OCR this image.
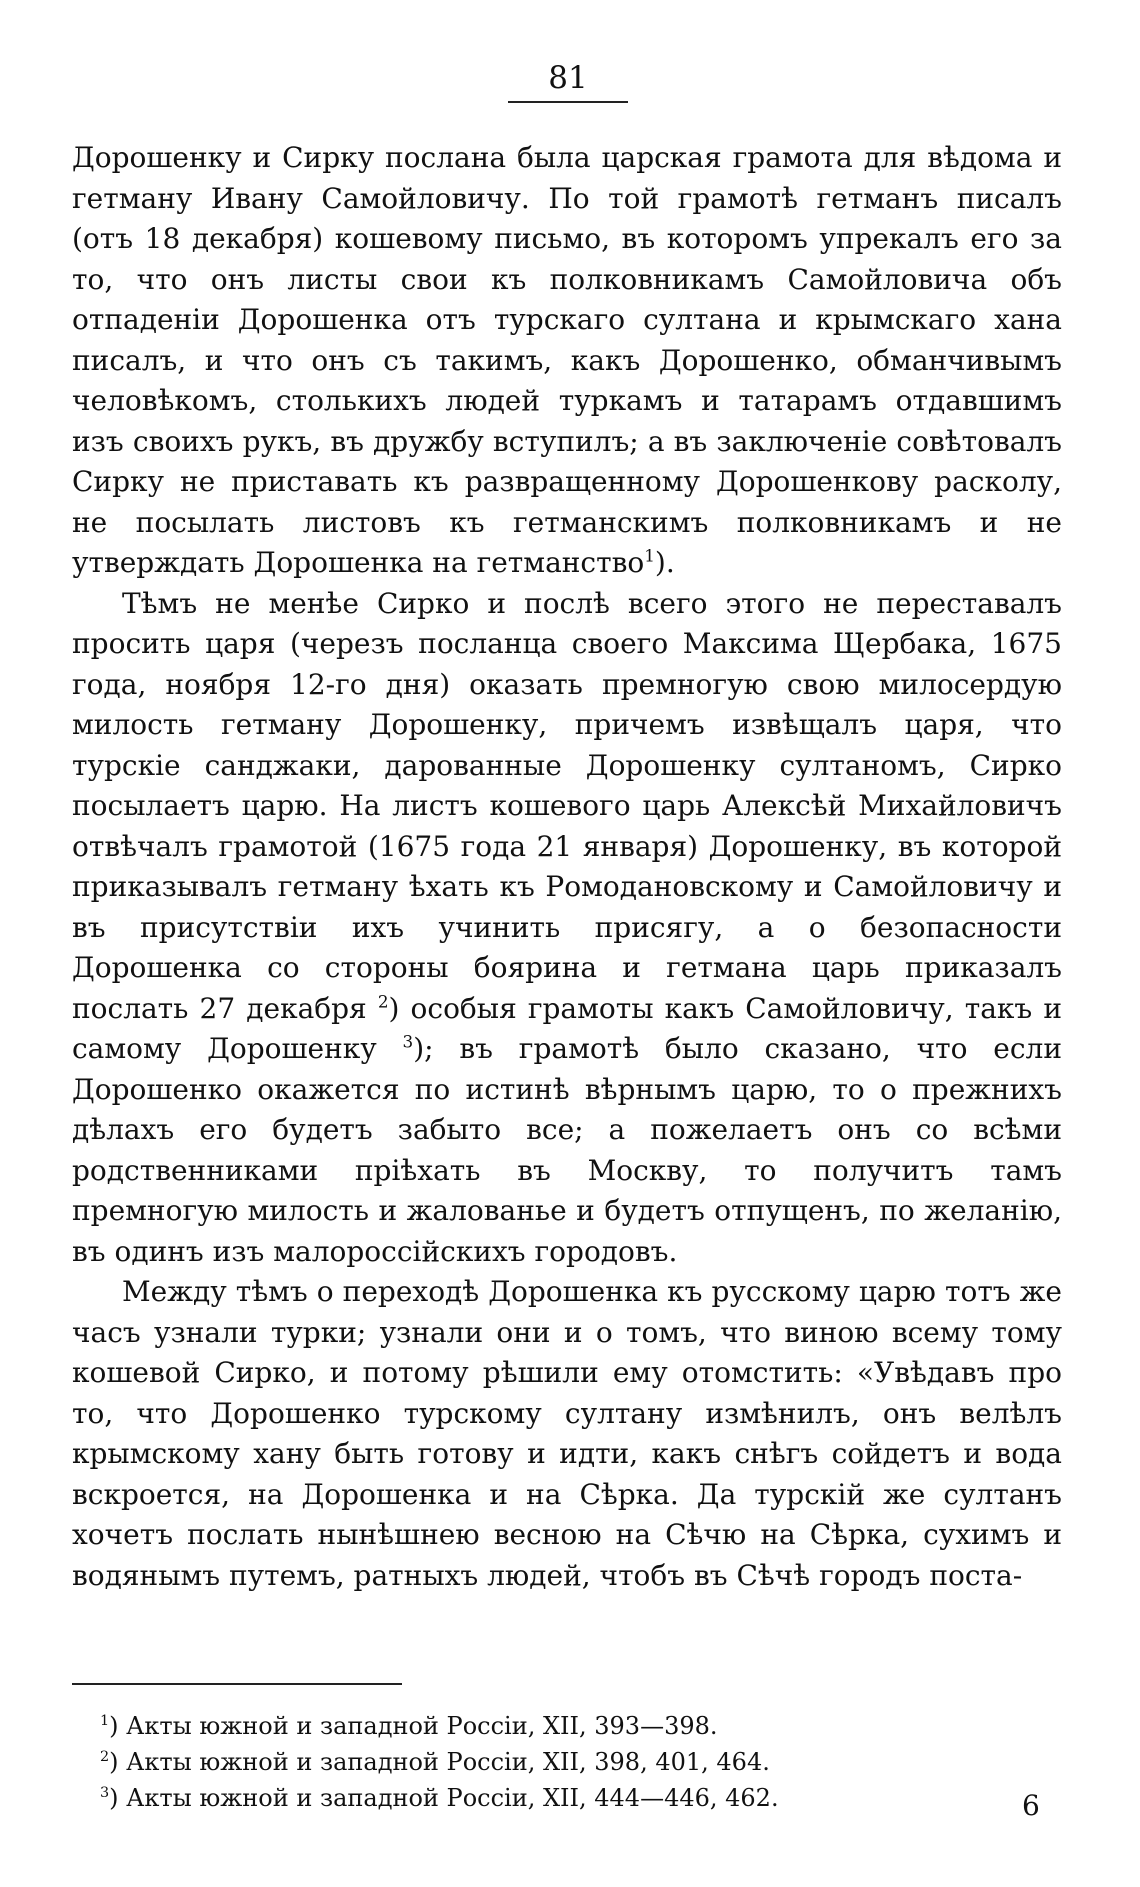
81

Дорошенку и Сирку послана была царская грамота для вѣдома и гетману Ивану Самойловичу. По той грамотѣ гетманъ писалъ (отъ 18 декабря) кошевому письмо, въ которомъ упрекалъ его за то, что онъ листы свои къ полковникамъ Самойловича объ отпаденіи Дорошенка отъ турскаго султана и крымскаго хана писалъ, и что онъ съ такимъ, какъ Дорошенко, обманчивымъ человѣкомъ, столькихъ людей туркамъ и татарамъ отдавшимъ изъ своихъ рукъ, въ дружбу вступилъ; а въ заключеніе совѣтовалъ Сирку не приставать къ развращенному Дорошенкову расколу, не посылать листовъ къ гетманскимъ полковникамъ и не утверждать Дорошенка на гетманство$^1$).

Тѣмъ не менѣе Сирко и послѣ всего этого не переставалъ просить царя (черезъ посланца своего Максима Щербака, 1675 года, ноября 12-го дня) оказать премногую свою милосердую милость гетману Дорошенку, причемъ извѣщалъ царя, что турскіе санджаки, дарованные Дорошенку султаномъ, Сирко посылаетъ царю. На листъ кошевого царь Алексѣй Михайловичъ отвѣчалъ грамотой (1675 года 21 января) Дорошенку, въ которой приказывалъ гетману ѣхать къ Ромодановскому и Самойловичу и въ присутствіи ихъ учинить присягу, а о безопасности Дорошенка со стороны боярина и гетмана царь приказалъ послать 27 декабря $^2$) особыя грамоты какъ Самойловичу, такъ и самому Дорошенку $^3$); въ грамотѣ было сказано, что если Дорошенко окажется по истинѣ вѣрнымъ царю, то о прежнихъ дѣлахъ его будетъ забыто все; а пожелаетъ онъ со всѣми родственниками пріѣхать въ Москву, то получитъ тамъ премногую милость и жалованье и будетъ отпущенъ, по желанію, въ одинъ изъ малороссійскихъ городовъ.

Между тѣмъ о переходѣ Дорошенка къ русскому царю тотъ же часъ узнали турки; узнали они и о томъ, что виною всему тому кошевой Сирко, и потому рѣшили ему отомстить: «Увѣдавъ про то, что Дорошенко турскому султану измѣнилъ, онъ велѣлъ крымскому хану быть готову и идти, какъ снѣгъ сойдетъ и вода вскроется, на Дорошенка и на Сѣрка. Да турскій же султанъ хочетъ послать нынѣшнею весною на Сѣчю на Сѣрка, сухимъ и водянымъ путемъ, ратныхъ людей, чтобъ въ Сѣчѣ городъ поста-

$^1$) Акты южной и западной Россіи, XII, 393—398.

$^2$) Акты южной и западной Россіи, XII, 398, 401, 464.

$^3$) Акты южной и западной Россіи, XII, 444—446, 462.	6
